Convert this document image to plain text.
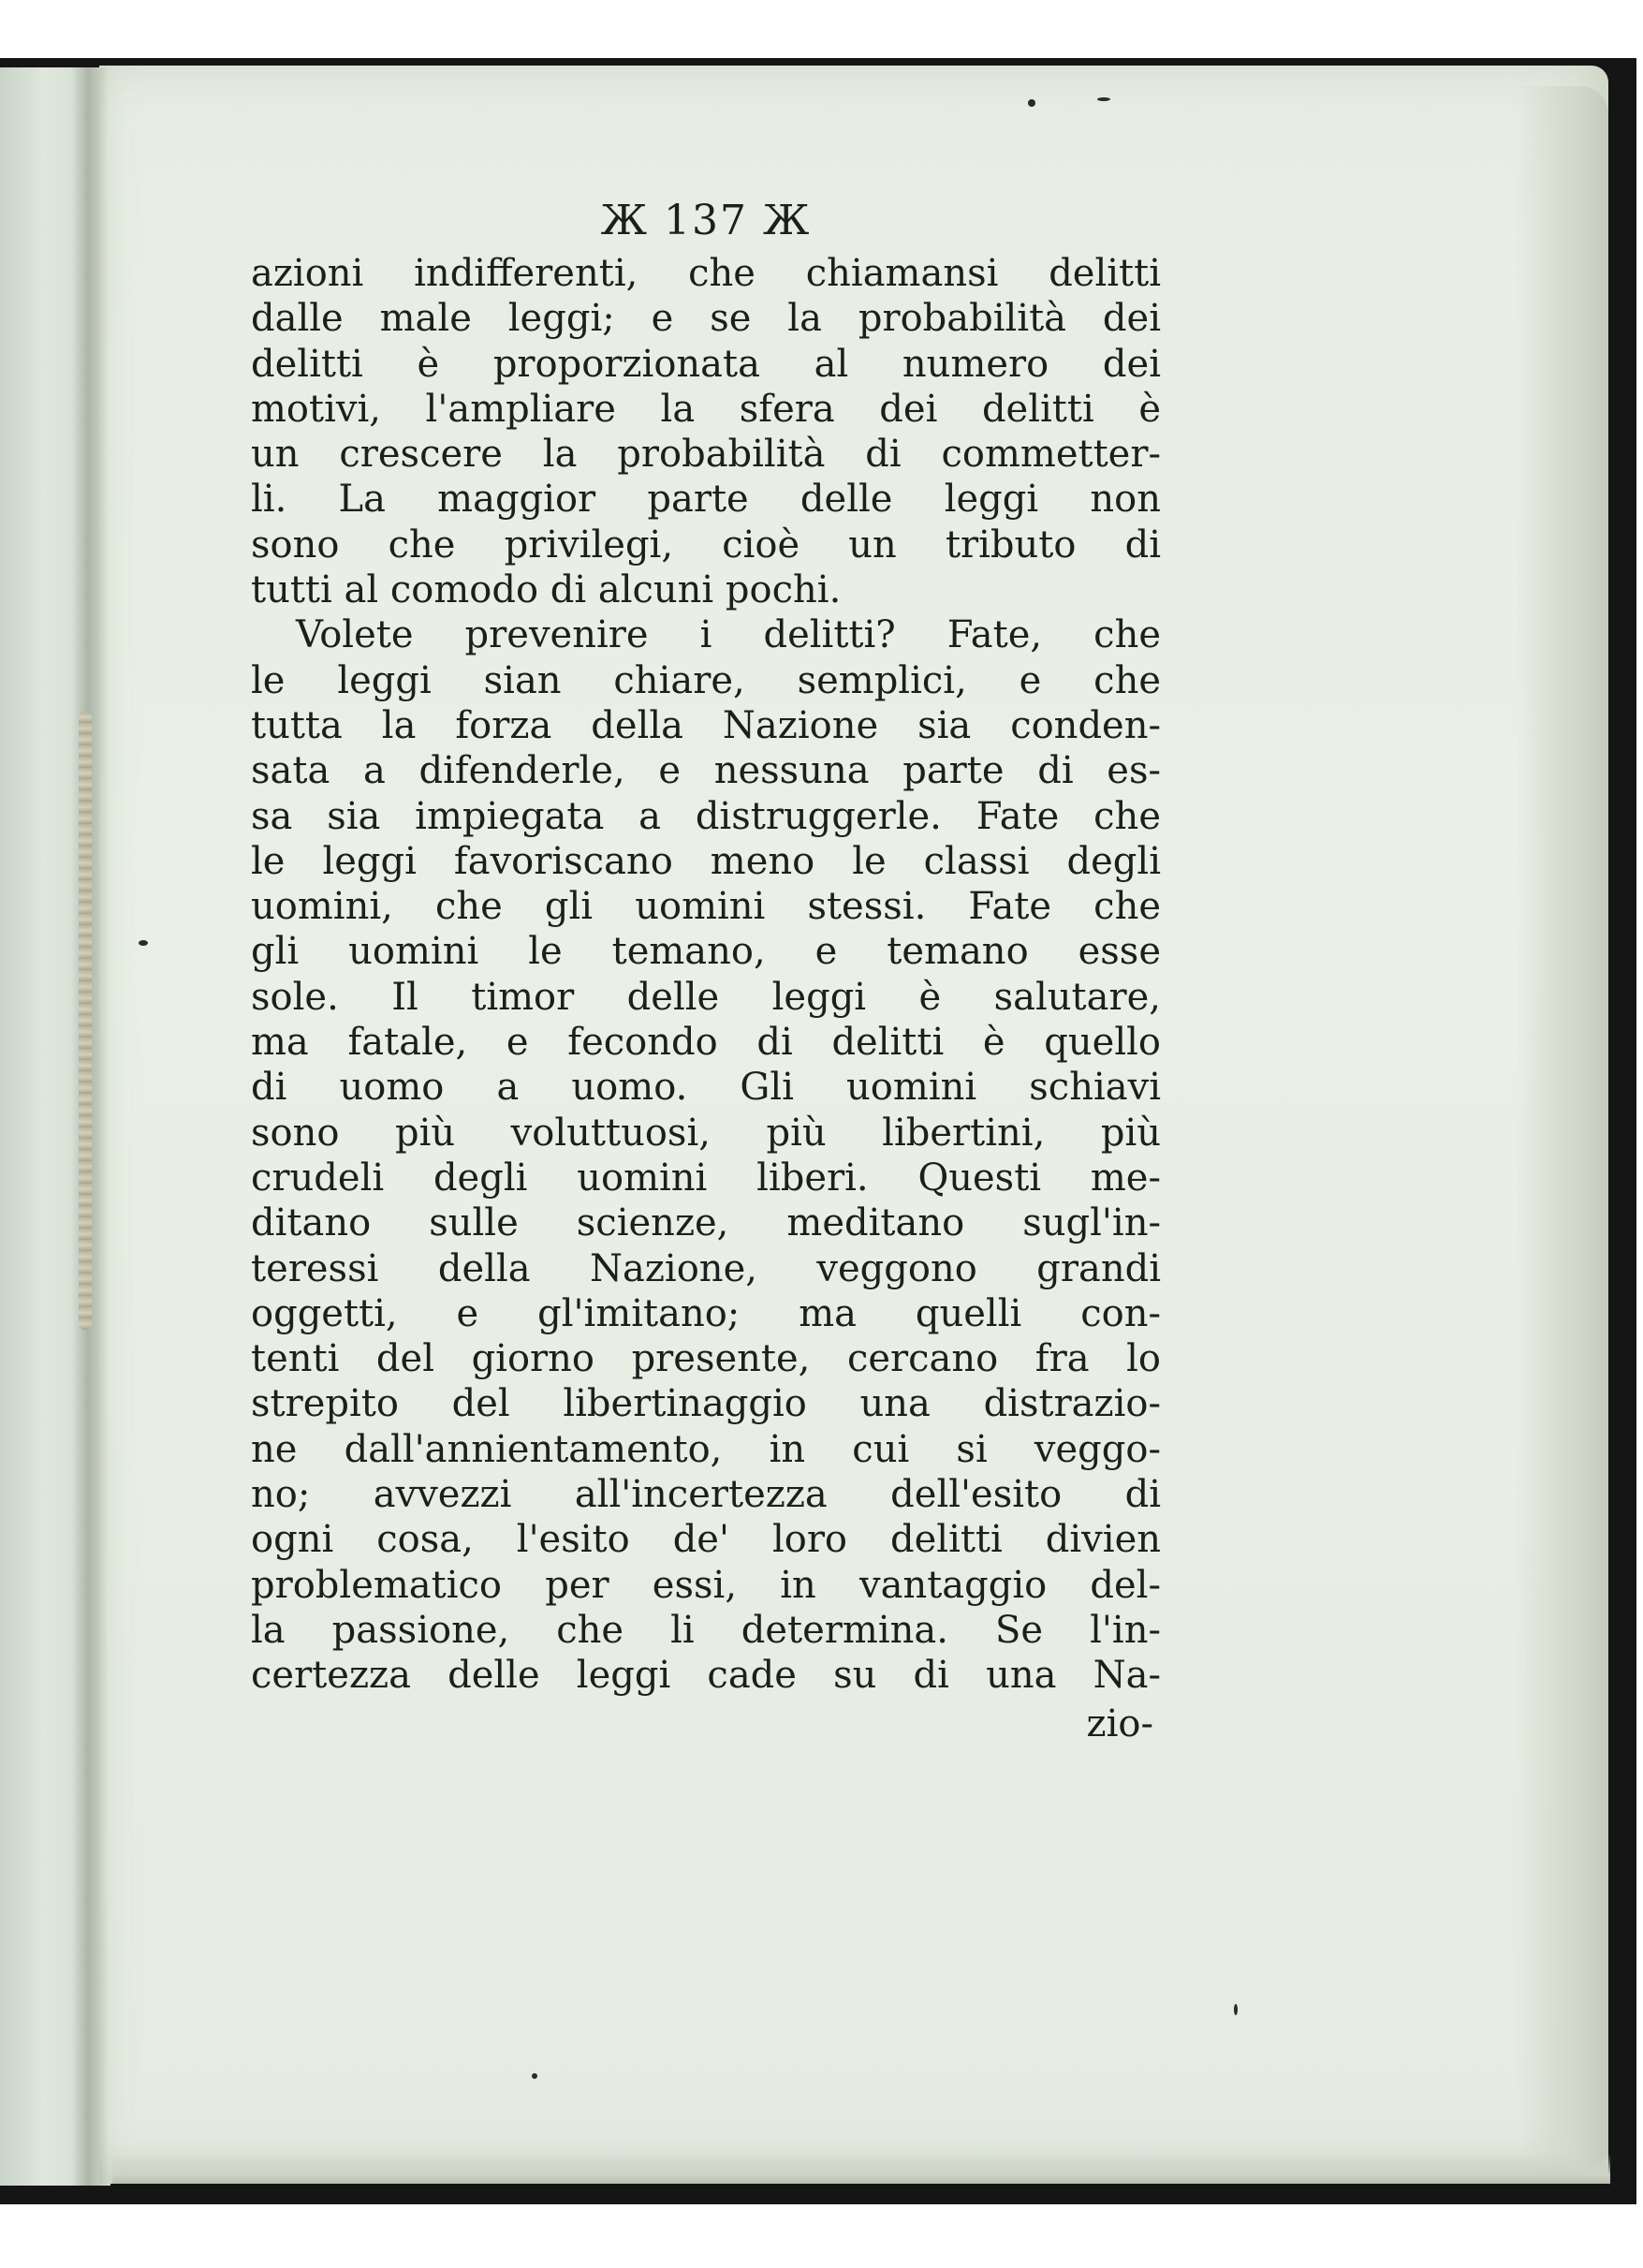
Ж 137 Ж
azioni indifferenti, che chiamansi delitti
dalle male leggi; e se la probabilità dei
delitti è proporzionata al numero dei
motivi, l'ampliare la sfera dei delitti è
un crescere la probabilità di commetter-
li. La maggior parte delle leggi non
sono che privilegi, cioè un tributo di
tutti al comodo di alcuni pochi.
Volete prevenire i delitti? Fate, che
le leggi sian chiare, semplici, e che
tutta la forza della Nazione sia conden-
sata a difenderle, e nessuna parte di es-
sa sia impiegata a distruggerle. Fate che
le leggi favoriscano meno le classi degli
uomini, che gli uomini stessi. Fate che
gli uomini le temano, e temano esse
sole. Il timor delle leggi è salutare,
ma fatale, e fecondo di delitti è quello
di uomo a uomo. Gli uomini schiavi
sono più voluttuosi, più libertini, più
crudeli degli uomini liberi. Questi me-
ditano sulle scienze, meditano sugl'in-
teressi della Nazione, veggono grandi
oggetti, e gl'imitano; ma quelli con-
tenti del giorno presente, cercano fra lo
strepito del libertinaggio una distrazio-
ne dall'annientamento, in cui si veggo-
no; avvezzi all'incertezza dell'esito di
ogni cosa, l'esito de' loro delitti divien
problematico per essi, in vantaggio del-
la passione, che li determina. Se l'in-
certezza delle leggi cade su di una Na-
zio-
